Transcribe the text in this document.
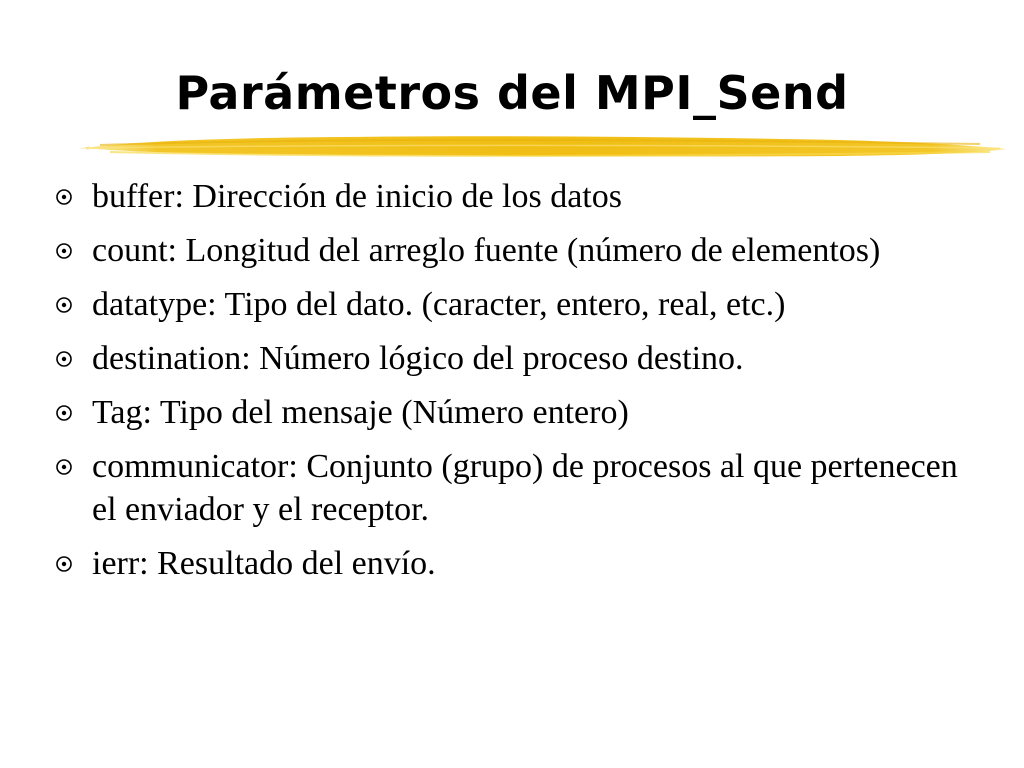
Parámetros del MPI_Send
buffer: Dirección de inicio de los datos
count: Longitud del arreglo fuente (número de elementos)
datatype: Tipo del dato. (caracter, entero, real, etc.)
destination: Número lógico del proceso destino.
Tag: Tipo del mensaje (Número entero)
communicator: Conjunto (grupo) de procesos al que pertenecen el enviador y el receptor.
ierr: Resultado del envío.
